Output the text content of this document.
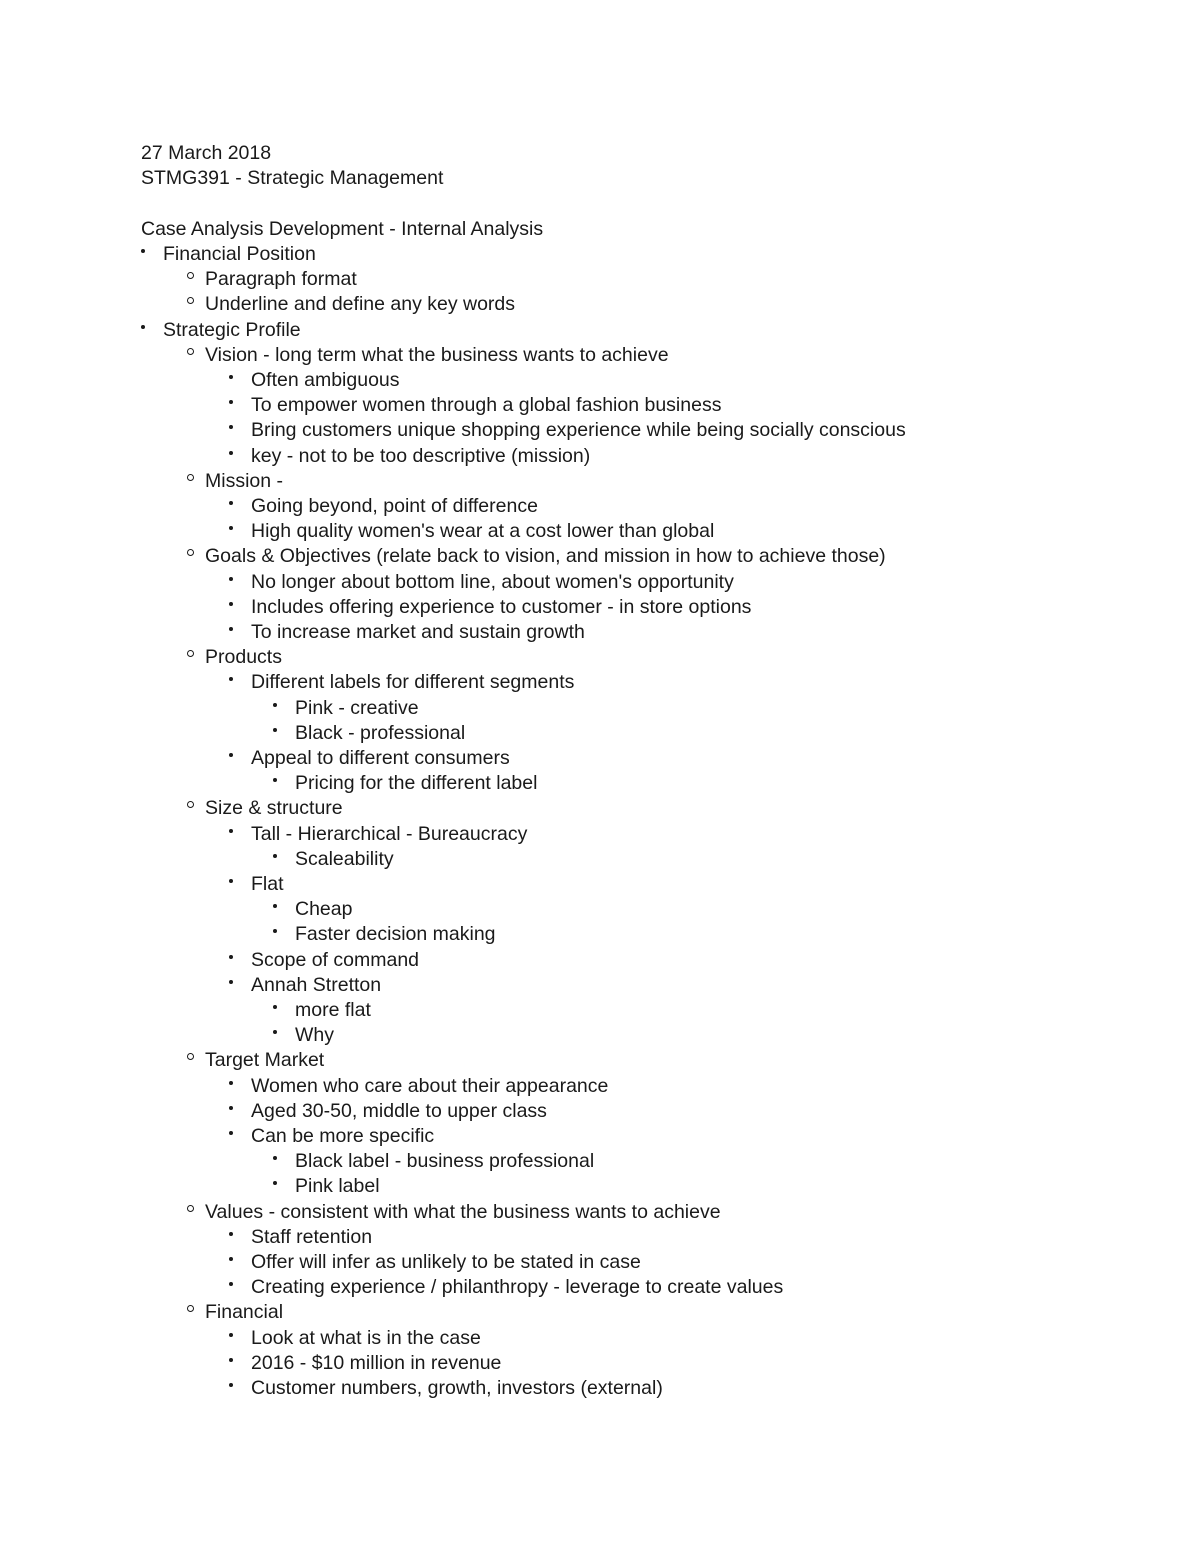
27 March 2018
STMG391 - Strategic Management
Case Analysis Development - Internal Analysis
Financial Position
Paragraph format
Underline and define any key words
Strategic Profile
Vision - long term what the business wants to achieve
Often ambiguous
To empower women through a global fashion business
Bring customers unique shopping experience while being socially conscious
key - not to be too descriptive (mission)
Mission -
Going beyond, point of difference
High quality women's wear at a cost lower than global
Goals & Objectives (relate back to vision, and mission in how to achieve those)
No longer about bottom line, about women's opportunity
Includes offering experience to customer - in store options
To increase market and sustain growth
Products
Different labels for different segments
Pink - creative
Black - professional
Appeal to different consumers
Pricing for the different label
Size & structure
Tall - Hierarchical - Bureaucracy
Scaleability
Flat
Cheap
Faster decision making
Scope of command
Annah Stretton
more flat
Why
Target Market
Women who care about their appearance
Aged 30-50, middle to upper class
Can be more specific
Black label - business professional
Pink label
Values - consistent with what the business wants to achieve
Staff retention
Offer will infer as unlikely to be stated in case
Creating experience / philanthropy - leverage to create values
Financial
Look at what is in the case
2016 - $10 million in revenue
Customer numbers, growth, investors (external)
